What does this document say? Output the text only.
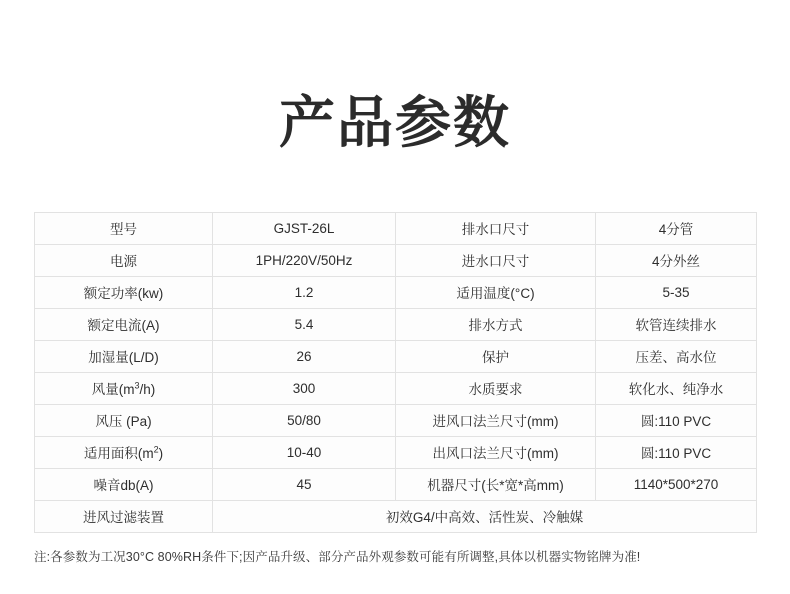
产品参数
型号	GJST-26L	排水口尺寸	4分管
电源	1PH/220V/50Hz	进水口尺寸	4分外丝
额定功率(kw)	1.2	适用温度(°C)	5-35
额定电流(A)	5.4	排水方式	软管连续排水
加湿量(L/D)	26	保护	压差、高水位
风量$(m^3/h)$	300	水质要求	软化水、纯净水
风压 (Pa)	50/80	进风口法兰尺寸(mm)	圆:110 PVC
适用面积$(m^2)$	10-40	出风口法兰尺寸(mm)	圆:110 PVC
噪音db(A)	45	机器尺寸(长*宽*高mm)	1140*500*270
进风过滤装置	初效G4/中高效、活性炭、冷触媒		
注:各参数为工况30°C 80%RH条件下;因产品升级、部分产品外观参数可能有所调整,具体以机器实物铭牌为准!
